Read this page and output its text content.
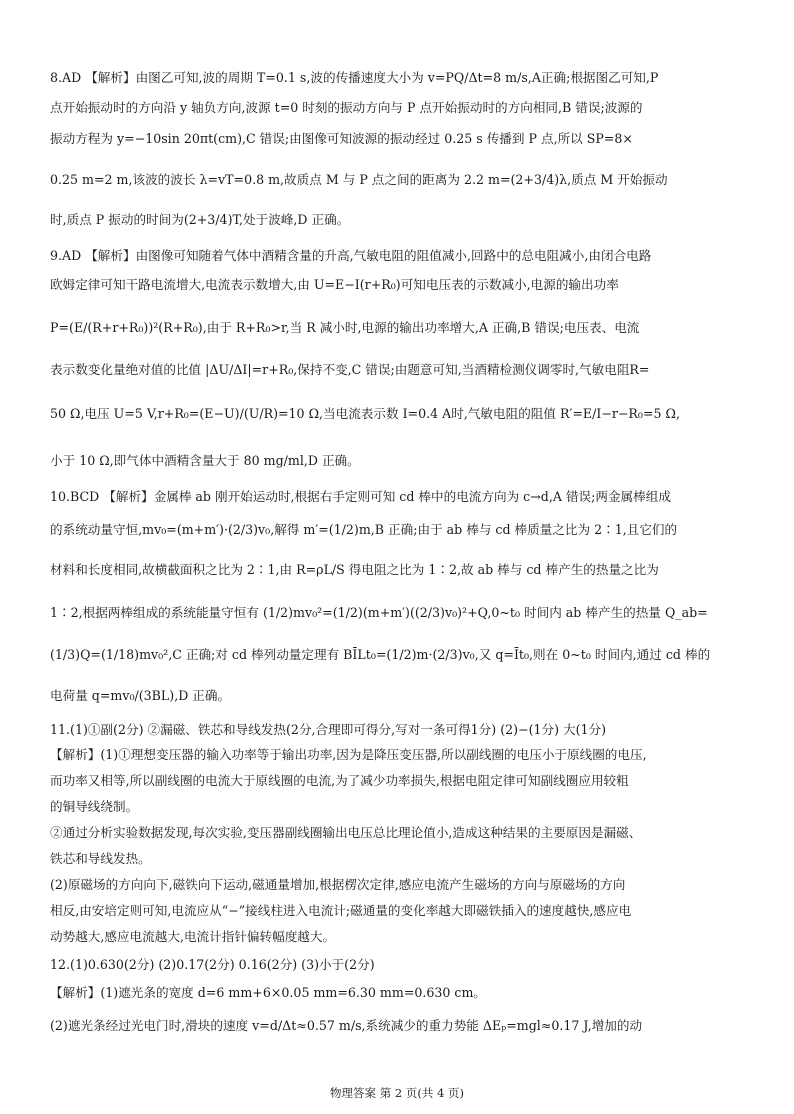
8.AD 【解析】由图乙可知,波的周期 T=0.1 s,波的传播速度大小为 v=PQ/Δt=8 m/s,A正确;根据图乙可知,P
点开始振动时的方向沿 y 轴负方向,波源 t=0 时刻的振动方向与 P 点开始振动时的方向相同,B 错误;波源的
振动方程为 y=−10sin 20πt(cm),C 错误;由图像可知波源的振动经过 0.25 s 传播到 P 点,所以 SP=8×
0.25 m=2 m,该波的波长 λ=vT=0.8 m,故质点 M 与 P 点之间的距离为 2.2 m=(2+3/4)λ,质点 M 开始振动
时,质点 P 振动的时间为(2+3/4)T,处于波峰,D 正确。
9.AD 【解析】由图像可知随着气体中酒精含量的升高,气敏电阻的阻值减小,回路中的总电阻减小,由闭合电路
欧姆定律可知干路电流增大,电流表示数增大,由 U=E−I(r+R₀)可知电压表的示数减小,电源的输出功率
P=(E/(R+r+R₀))²(R+R₀),由于 R+R₀>r,当 R 减小时,电源的输出功率增大,A 正确,B 错误;电压表、电流
表示数变化量绝对值的比值 |ΔU/ΔI|=r+R₀,保持不变,C 错误;由题意可知,当酒精检测仪调零时,气敏电阻R=
50 Ω,电压 U=5 V,r+R₀=(E−U)/(U/R)=10 Ω,当电流表示数 I=0.4 A时,气敏电阻的阻值 R′=E/I−r−R₀=5 Ω,
小于 10 Ω,即气体中酒精含量大于 80 mg/ml,D 正确。
10.BCD 【解析】金属棒 ab 刚开始运动时,根据右手定则可知 cd 棒中的电流方向为 c→d,A 错误;两金属棒组成
的系统动量守恒,mv₀=(m+m′)·(2/3)v₀,解得 m′=(1/2)m,B 正确;由于 ab 棒与 cd 棒质量之比为 2∶1,且它们的
材料和长度相同,故横截面积之比为 2∶1,由 R=ρL/S 得电阻之比为 1∶2,故 ab 棒与 cd 棒产生的热量之比为
1∶2,根据两棒组成的系统能量守恒有 (1/2)mv₀²=(1/2)(m+m′)((2/3)v₀)²+Q,0~t₀ 时间内 ab 棒产生的热量 Q_ab=
(1/3)Q=(1/18)mv₀²,C 正确;对 cd 棒列动量定理有 BĪLt₀=(1/2)m·(2/3)v₀,又 q=Īt₀,则在 0~t₀ 时间内,通过 cd 棒的
电荷量 q=mv₀/(3BL),D 正确。
11.(1)①副(2分) ②漏磁、铁芯和导线发热(2分,合理即可得分,写对一条可得1分) (2)−(1分) 大(1分)
【解析】(1)①理想变压器的输入功率等于输出功率,因为是降压变压器,所以副线圈的电压小于原线圈的电压,
而功率又相等,所以副线圈的电流大于原线圈的电流,为了减少功率损失,根据电阻定律可知副线圈应用较粗
的铜导线绕制。
②通过分析实验数据发现,每次实验,变压器副线圈输出电压总比理论值小,造成这种结果的主要原因是漏磁、
铁芯和导线发热。
(2)原磁场的方向向下,磁铁向下运动,磁通量增加,根据楞次定律,感应电流产生磁场的方向与原磁场的方向
相反,由安培定则可知,电流应从“−”接线柱进入电流计;磁通量的变化率越大即磁铁插入的速度越快,感应电
动势越大,感应电流越大,电流计指针偏转幅度越大。
12.(1)0.630(2分) (2)0.17(2分) 0.16(2分) (3)小于(2分)
【解析】(1)遮光条的宽度 d=6 mm+6×0.05 mm=6.30 mm=0.630 cm。
(2)遮光条经过光电门时,滑块的速度 v=d/Δt≈0.57 m/s,系统减少的重力势能 ΔEₚ=mgl≈0.17 J,增加的动
物理答案 第 2 页(共 4 页)
